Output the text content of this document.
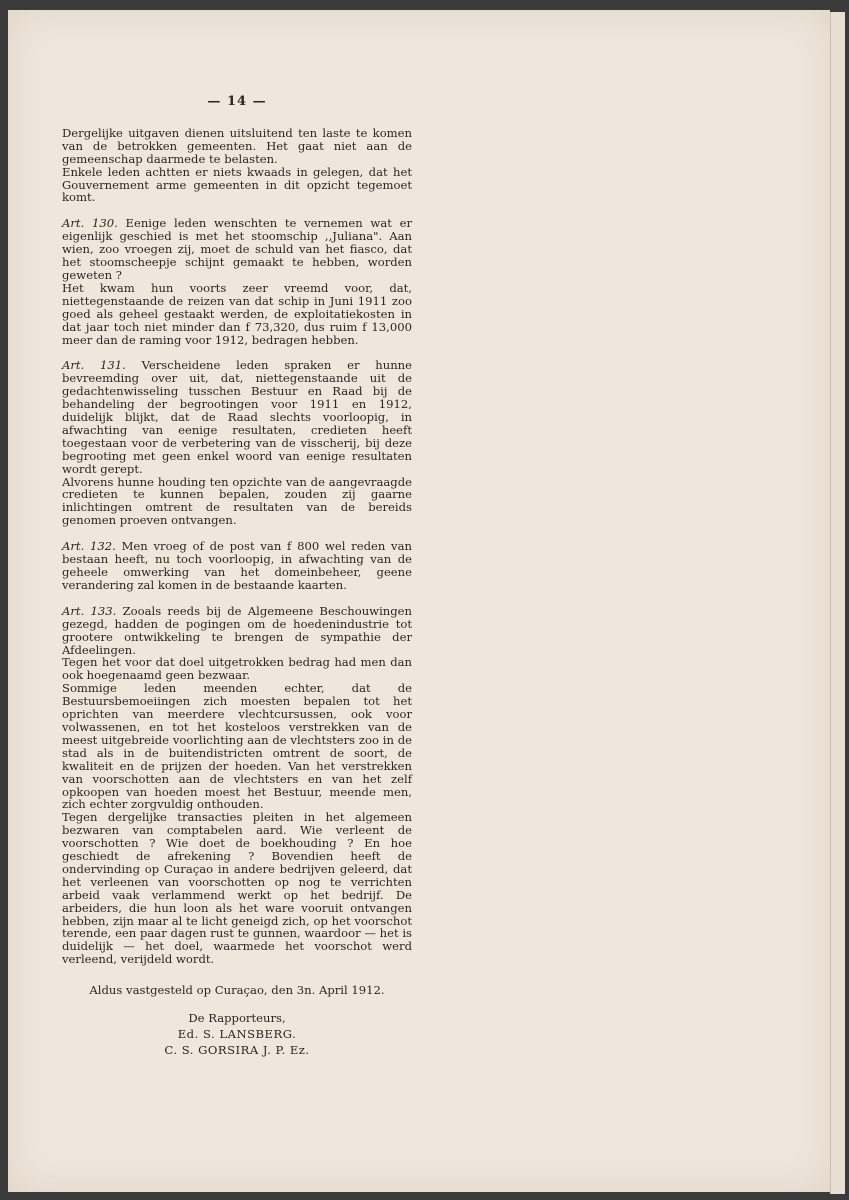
— 14 —

Dergelijke uitgaven dienen uitsluitend ten laste te komen van de betrokken gemeenten. Het gaat niet aan de gemeenschap daarmede te belasten.

Enkele leden achtten er niets kwaads in gelegen, dat het Gouvernement arme gemeenten in dit opzicht tegemoet komt.

Art. 130. Eenige leden wenschten te vernemen wat er eigenlijk geschied is met het stoomschip ,,Juliana". Aan wien, zoo vroegen zij, moet de schuld van het fiasco, dat het stoomscheepje schijnt gemaakt te hebben, worden geweten ?

Het kwam hun voorts zeer vreemd voor, dat, niettegenstaande de reizen van dat schip in Juni 1911 zoo goed als geheel gestaakt werden, de exploitatiekosten in dat jaar toch niet minder dan f 73,320, dus ruim f 13,000 meer dan de raming voor 1912, bedragen hebben.

Art. 131. Verscheidene leden spraken er hunne bevreemding over uit, dat, niettegenstaande uit de gedachtenwisseling tusschen Bestuur en Raad bij de behandeling der begrootingen voor 1911 en 1912, duidelijk blijkt, dat de Raad slechts voorloopig, in afwachting van eenige resultaten, credieten heeft toegestaan voor de verbetering van de visscherij, bij deze begrooting met geen enkel woord van eenige resultaten wordt gerept.

Alvorens hunne houding ten opzichte van de aangevraagde credieten te kunnen bepalen, zouden zij gaarne inlichtingen omtrent de resultaten van de bereids genomen proeven ontvangen.

Art. 132. Men vroeg of de post van f 800 wel reden van bestaan heeft, nu toch voorloopig, in afwachting van de geheele omwerking van het domeinbeheer, geene verandering zal komen in de bestaande kaarten.

Art. 133. Zooals reeds bij de Algemeene Beschouwingen gezegd, hadden de pogingen om de hoedenindustrie tot grootere ontwikkeling te brengen de sympathie der Afdeelingen.

Tegen het voor dat doel uitgetrokken bedrag had men dan ook hoegenaamd geen bezwaar.

Sommige leden meenden echter, dat de Bestuursbemoeiingen zich moesten bepalen tot het oprichten van meerdere vlechtcursussen, ook voor volwassenen, en tot het kosteloos verstrekken van de meest uitgebreide voorlichting aan de vlechtsters zoo in de stad als in de buitendistricten omtrent de soort, de kwaliteit en de prijzen der hoeden. Van het verstrekken van voorschotten aan de vlechtsters en van het zelf opkoopen van hoeden moest het Bestuur, meende men, zich echter zorgvuldig onthouden.

Tegen dergelijke transacties pleiten in het algemeen bezwaren van comptabelen aard. Wie verleent de voorschotten ? Wie doet de boekhouding ? En hoe geschiedt de afrekening ? Bovendien heeft de ondervinding op Curaçao in andere bedrijven geleerd, dat het verleenen van voorschotten op nog te verrichten arbeid vaak verlammend werkt op het bedrijf. De arbeiders, die hun loon als het ware vooruit ontvangen hebben, zijn maar al te licht geneigd zich, op het voorschot terende, een paar dagen rust te gunnen, waardoor — het is duidelijk — het doel, waarmede het voorschot werd verleend, verijdeld wordt.

Aldus vastgesteld op Curaçao, den 3n. April 1912.
De Rapporteurs,
Ed. S. LANSBERG.
C. S. GORSIRA J. P. Ez.
